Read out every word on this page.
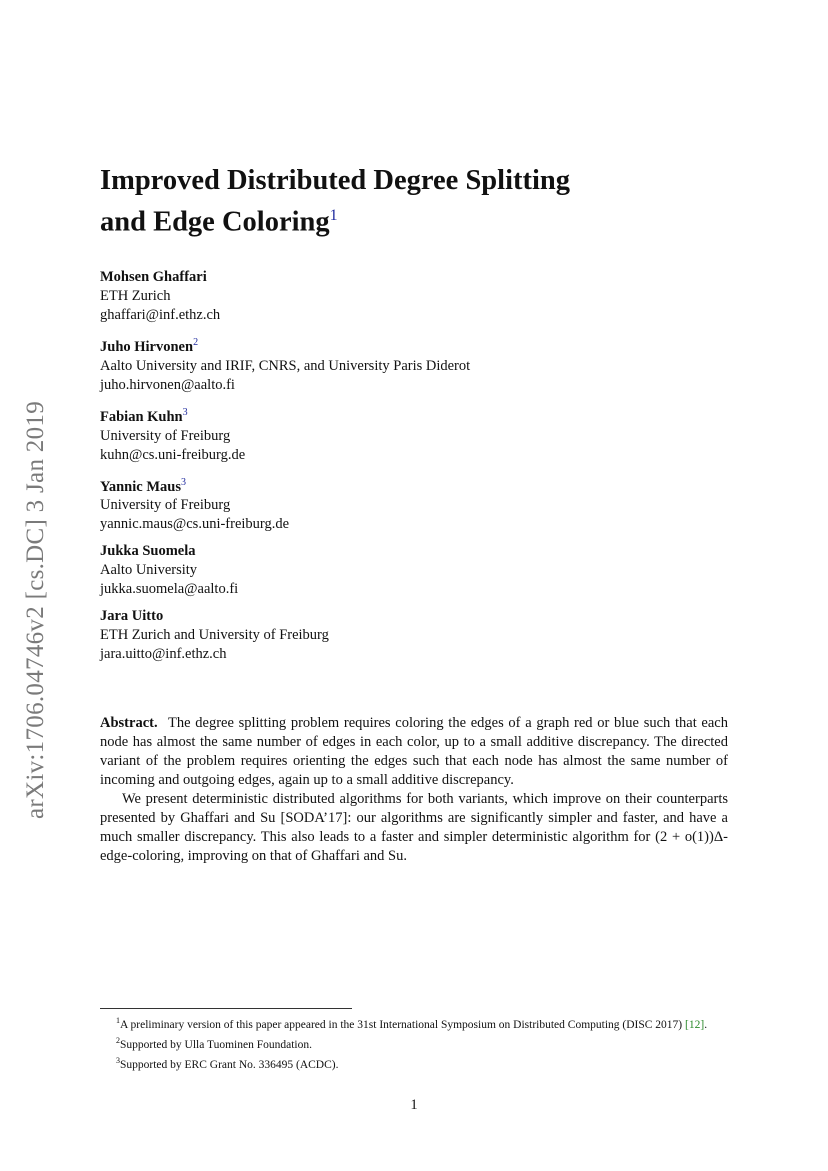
arXiv:1706.04746v2 [cs.DC] 3 Jan 2019
Improved Distributed Degree Splitting
and Edge Coloring$^1$
Mohsen Ghaffari
ETH Zurich
ghaffari@inf.ethz.ch
Juho Hirvonen$^2$
Aalto University and IRIF, CNRS, and University Paris Diderot
juho.hirvonen@aalto.fi
Fabian Kuhn$^3$
University of Freiburg
kuhn@cs.uni-freiburg.de
Yannic Maus$^3$
University of Freiburg
yannic.maus@cs.uni-freiburg.de
Jukka Suomela
Aalto University
jukka.suomela@aalto.fi
Jara Uitto
ETH Zurich and University of Freiburg
jara.uitto@inf.ethz.ch

Abstract. The degree splitting problem requires coloring the edges of a graph red or blue such that each node has almost the same number of edges in each color, up to a small additive discrepancy. The directed variant of the problem requires orienting the edges such that each node has almost the same number of incoming and outgoing edges, again up to a small additive discrepancy.

We present deterministic distributed algorithms for both variants, which improve on their counterparts presented by Ghaffari and Su [SODA’17]: our algorithms are significantly simpler and faster, and have a much smaller discrepancy. This also leads to a faster and simpler deterministic algorithm for (2 + o(1))Δ-edge-coloring, improving on that of Ghaffari and Su.

$^1$A preliminary version of this paper appeared in the 31st International Symposium on Distributed Computing (DISC 2017) [12].

$^2$Supported by Ulla Tuominen Foundation.

$^3$Supported by ERC Grant No. 336495 (ACDC).

1
